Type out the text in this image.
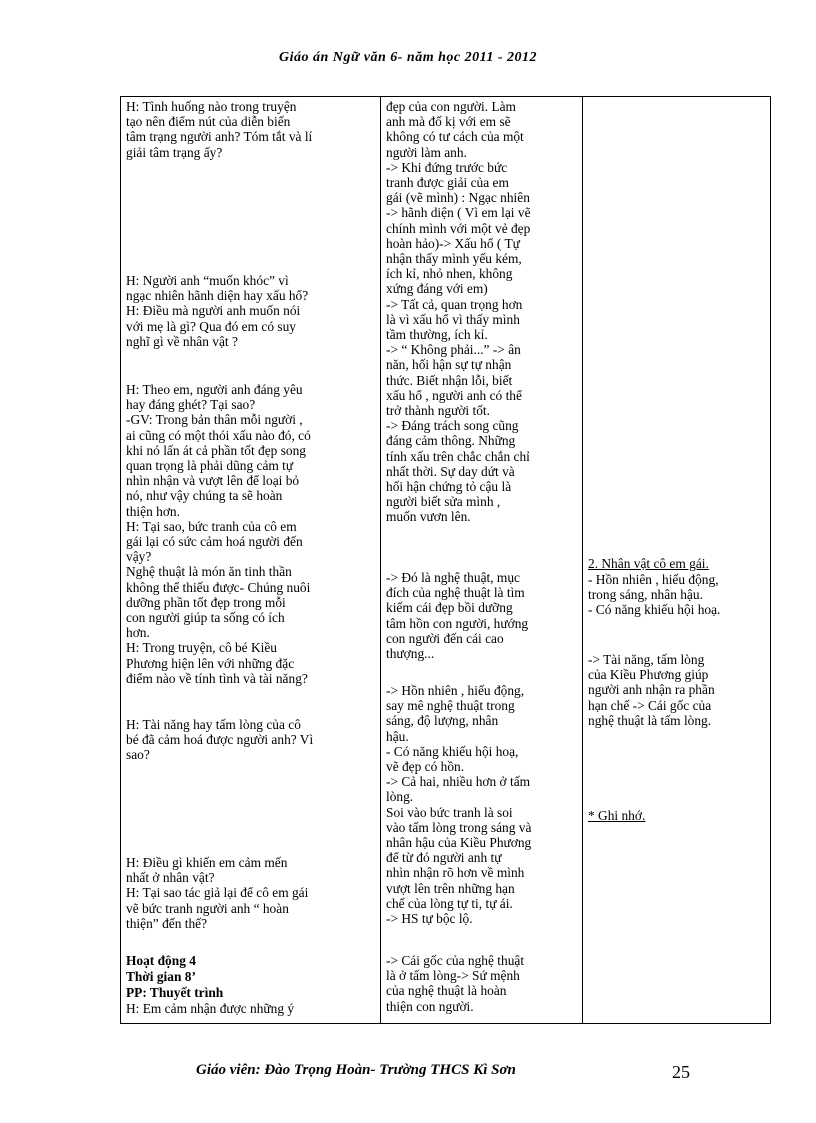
Giáo án Ngữ văn 6- năm học 2011 - 2012
H: Tình huống nào trong truyện
tạo nên điểm nút của diễn biến
tâm trạng người anh? Tóm tắt và lí
giải tâm trạng ấy?
H: Người anh “muốn khóc” vì
ngạc nhiên hãnh diện hay xấu hổ?
H: Điều mà người anh muốn nói
với mẹ là gì? Qua đó em có suy
nghĩ gì về nhân vật ?
H: Theo em, người anh đáng yêu
hay đáng ghét? Tại sao?
-GV: Trong bản thân mỗi người ,
ai cũng có một thói xấu nào đó, có
khi nó lấn át cả phần tốt đẹp song
quan trọng là phải dũng cảm tự
nhìn nhận và vượt lên để loại bỏ
nó, như vậy chúng ta sẽ hoàn
thiện hơn.
H: Tại sao, bức tranh của cô em
gái lại có sức cảm hoá người đến
vậy?
Nghệ thuật là món ăn tinh thần
không thể thiếu được- Chúng nuôi
dưỡng phần tốt đẹp trong mỗi
con người giúp ta sống có ích
hơn.
H: Trong truyện, cô bé Kiều
Phương hiện lên với những đặc
điểm nào về tính tình và tài năng?
H: Tài năng hay tấm lòng của cô
bé đã cảm hoá được người anh? Vì
sao?
H: Điều gì khiến em cảm mến
nhất ở nhân vật?
H: Tại sao tác giả lại để cô em gái
vẽ bức tranh người anh “ hoàn
thiện” đến thế?
Hoạt động 4
Thời gian 8’
PP: Thuyết trình
H: Em cảm nhận được những ý
đẹp của con người. Làm
anh mà đố kị với em sẽ
không có tư cách của một
người làm anh.
-> Khi đứng trước bức
tranh được giải của em
gái (vẽ mình) : Ngạc nhiên
-> hãnh diện ( Vì em lại vẽ
chính mình với một vẻ đẹp
hoàn hảo)-> Xấu hổ ( Tự
nhận thấy mình yếu kém,
ích kỉ, nhỏ nhen, không
xứng đáng với em)
-> Tất cả, quan trọng hơn
là vì xấu hổ vì thấy mình
tầm thường, ích kỉ.
-> “ Không phải...” -> ân
năn, hối hận sự tự nhận
thức. Biết nhận lỗi, biết
xấu hổ , người anh có thể
trở thành người tốt.
-> Đáng trách song cũng
đáng cảm thông. Những
tính xấu trên chắc chắn chỉ
nhất thời. Sự day dứt và
hối hận chứng tỏ cậu là
người biết sửa mình ,
muốn vươn lên.
-> Đó là nghệ thuật, mục
đích của nghệ thuật là tìm
kiếm cái đẹp bồi dưỡng
tâm hồn con người, hướng
con người đến cái cao
thượng...
-> Hồn nhiên , hiếu động,
say mê nghệ thuật trong
sáng, độ lượng, nhân
hậu.
- Có năng khiếu hội hoạ,
vẽ đẹp có hồn.
-> Cả hai, nhiều hơn ở tấm
lòng.
Soi vào bức tranh là soi
vào tấm lòng trong sáng và
nhân hậu của Kiều Phương
để từ đó người anh tự
nhìn nhận rõ hơn về mình
vượt lên trên những hạn
chế của lòng tự ti, tự ái.
-> HS tự bộc lộ.
-> Cái gốc của nghệ thuật
là ở tấm lòng-> Sứ mệnh
của nghệ thuật là hoàn
thiện con người.
2. Nhân vật cô em gái.
- Hồn nhiên , hiếu động,
trong sáng, nhân hậu.
- Có năng khiếu hội hoạ.
-> Tài năng, tấm lòng
của Kiều Phương giúp
người anh nhận ra phần
hạn chế -> Cái gốc của
nghệ thuật là tấm lòng.
* Ghi nhớ.
Giáo viên: Đào Trọng Hoàn- Trường THCS Kì Sơn	25
